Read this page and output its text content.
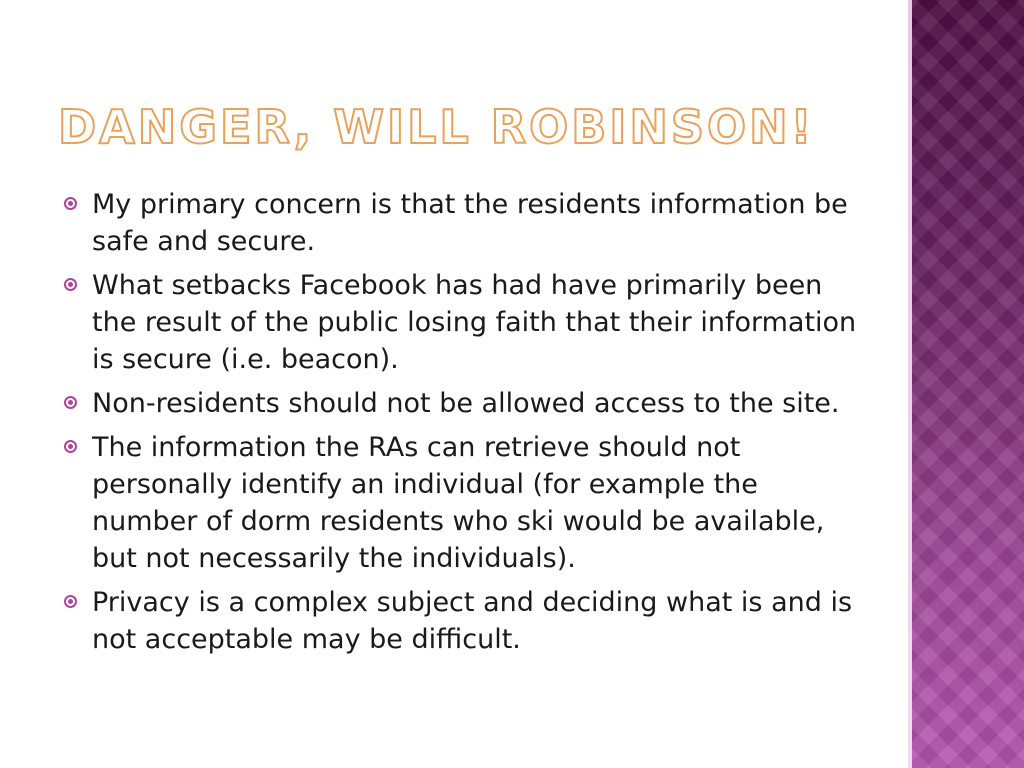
DANGER, WILL ROBINSON!
My primary concern is that the residents information be safe and secure.
What setbacks Facebook has had have primarily been the result of the public losing faith that their information is secure (i.e. beacon).
Non-residents should not be allowed access to the site.
The information the RAs can retrieve should not personally identify an individual (for example the number of dorm residents who ski would be available, but not necessarily the individuals).
Privacy is a complex subject and deciding what is and is not acceptable may be difficult.
